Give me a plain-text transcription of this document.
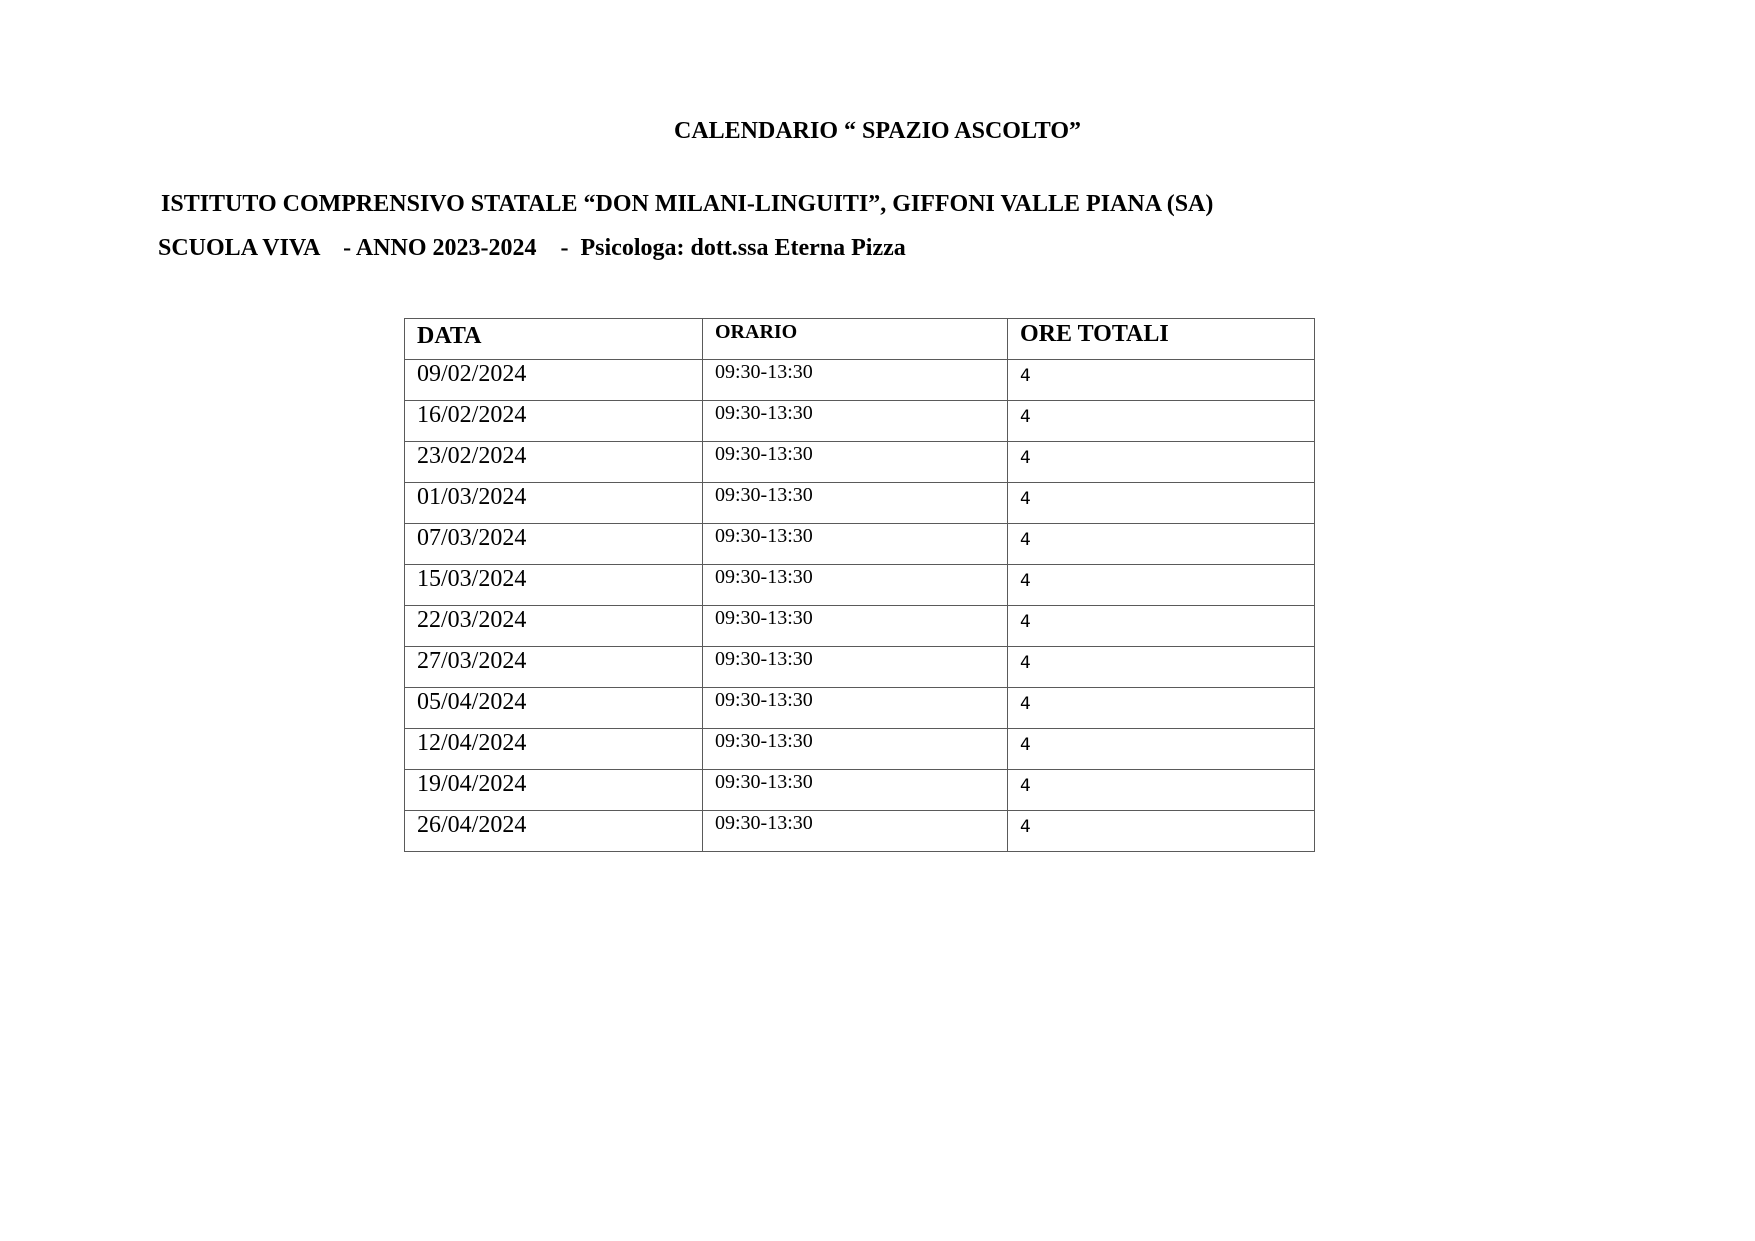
CALENDARIO “ SPAZIO ASCOLTO”

ISTITUTO COMPRENSIVO STATALE “DON MILANI-LINGUITI”, GIFFONI VALLE PIANA (SA)

SCUOLA VIVA    - ANNO 2023-2024    -  Psicologa: dott.ssa Eterna Pizza

DATA	ORARIO	ORE TOTALI
09/02/2024	09:30-13:30	4
16/02/2024	09:30-13:30	4
23/02/2024	09:30-13:30	4
01/03/2024	09:30-13:30	4
07/03/2024	09:30-13:30	4
15/03/2024	09:30-13:30	4
22/03/2024	09:30-13:30	4
27/03/2024	09:30-13:30	4
05/04/2024	09:30-13:30	4
12/04/2024	09:30-13:30	4
19/04/2024	09:30-13:30	4
26/04/2024	09:30-13:30	4
